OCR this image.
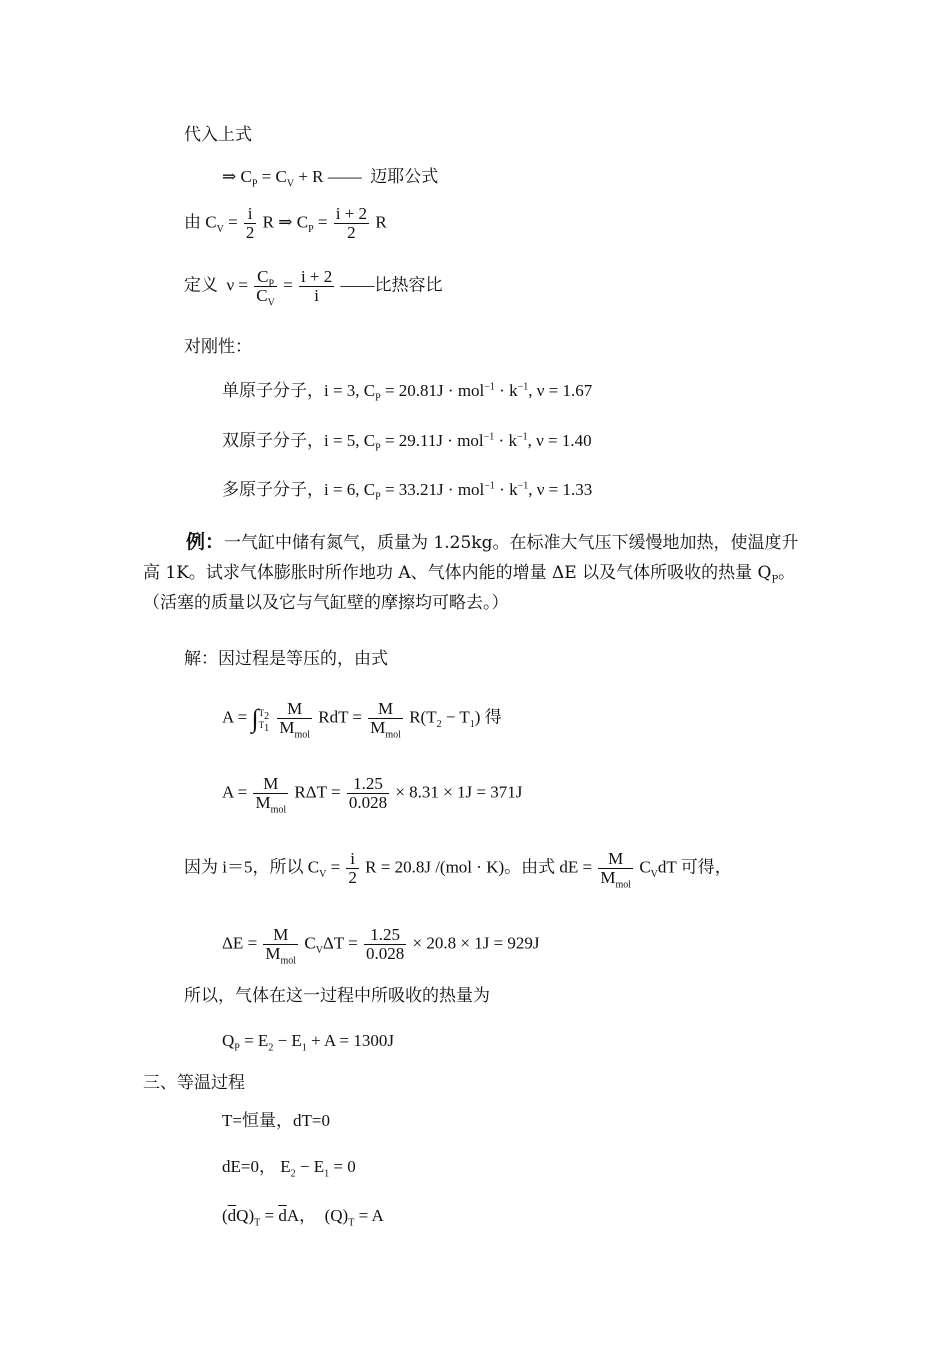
代入上式
⇒ $C_P = C_V + R$ ——  迈耶公式
由 $C_V = \frac{i}{2}$ R ⇒ $C_P = \frac{i + 2}{2}$ R
定义  $\nu = \frac{C_P}{C_V} = \frac{i + 2}{i}$ ——比热容比
对刚性：
单原子分子，i = 3, $C_P = 20.81J \cdot mol^{-1} \cdot k^{-1}$, ν = 1.67
双原子分子，i = 5, $C_P = 29.11J \cdot mol^{-1} \cdot k^{-1}$, ν = 1.40
多原子分子，i = 6, $C_P = 33.21J \cdot mol^{-1} \cdot k^{-1}$, ν = 1.33
例：一气缸中储有氮气，质量为 1.25kg。在标准大气压下缓慢地加热，使温度升高 1K。试求气体膨胀时所作地功 A、气体内能的增量 ΔE 以及气体所吸收的热量 $Q_P$。（活塞的质量以及它与气缸壁的摩擦均可略去。）
解：因过程是等压的，由式
$A = \int T_2$
$T_1 \frac{M}{M_{mol}}$ RdT = $\frac{M}{M_{mol}} R(T_2 - T_1)$ 得
$A = \frac{M}{M_{mol}}$ $R\Delta T = \frac{1.25}{0.028} \times 8.31 \times 1J = 371J$
因为 i＝5，所以 $C_V = \frac{i}{2}$ R = 20.8J /(mol · K)。由式 dE = $\frac{M}{M_{mol}} C_VdT$ 可得，
$\Delta E = \frac{M}{M_{mol}} C_V\Delta T = \frac{1.25}{0.028} \times 20.8 \times 1J = 929J$
所以，气体在这一过程中所吸收的热量为
$Q_P = E_2 - E_1 + A = 1300J$
三、等温过程
T=恒量，dT=0
dE=0， $E_2 - E_1 = 0$
$(\overline{d}Q)_T = \overline{d}A$，  $(Q)_T = A$
